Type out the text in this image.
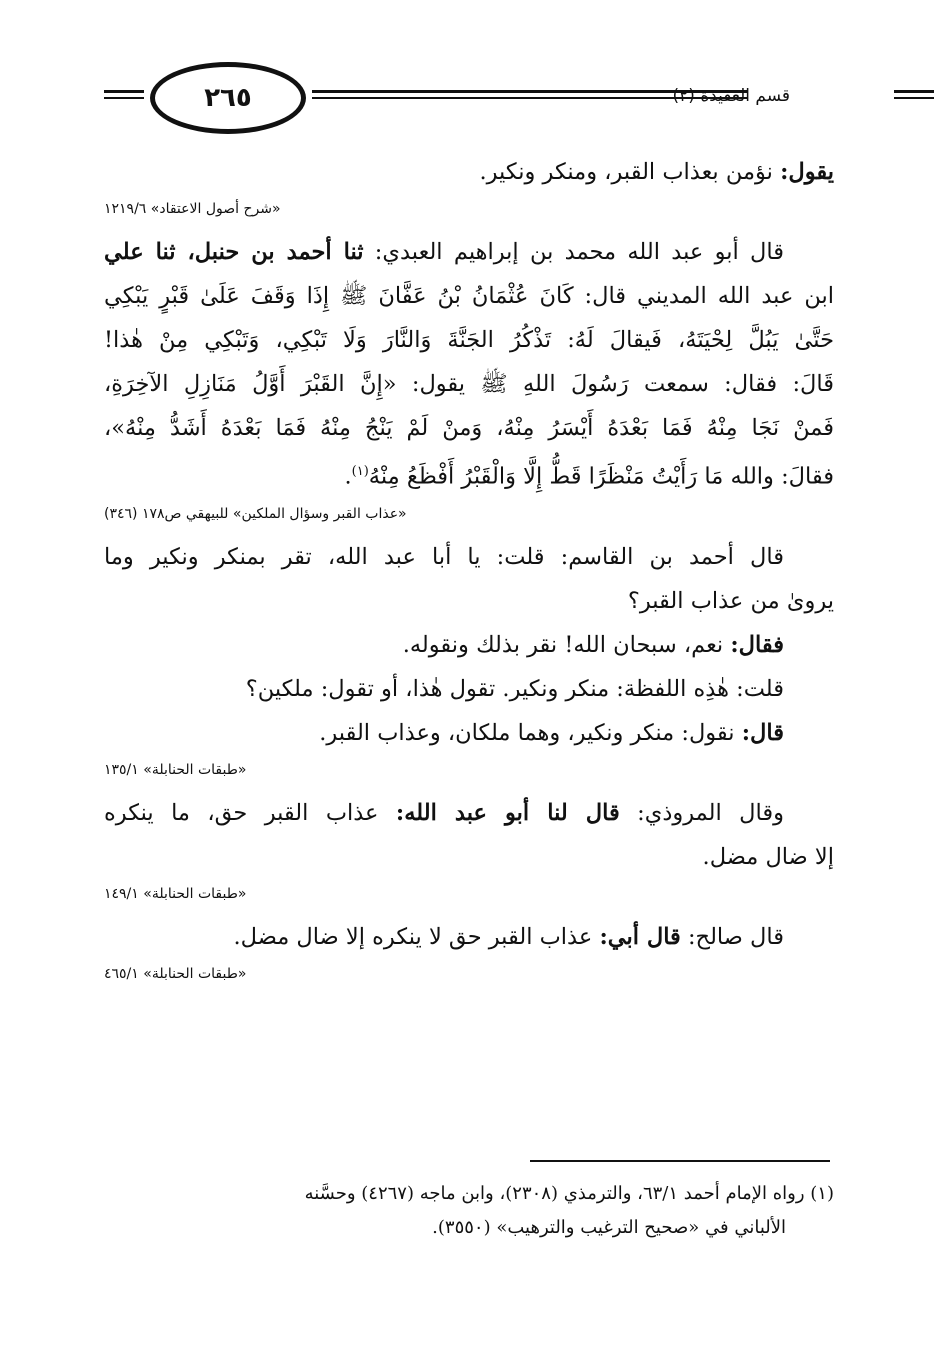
٢٦٥	قسم العقيدة (٢)

يقول: نؤمن بعذاب القبر، ومنكر ونكير.

«شرح أصول الاعتقاد» ١٢١٩/٦

قال أبو عبد الله محمد بن إبراهيم العبدي: ثنا أحمد بن حنبل، ثنا علي

ابن عبد الله المديني قال: كَانَ عُثْمَانُ بْنُ عَفَّانَ ﷺ إِذَا وَقَفَ عَلَىٰ قَبْرٍ يَبْكِي

حَتَّىٰ يَبُلَّ لِحْيَتَهُ، فَيقالَ لَهُ: تَذْكُرُ الجَنَّةَ وَالنَّارَ وَلَا تَبْكِي، وَتَبْكِي مِنْ هٰذا!

قَالَ: فقال: سمعت رَسُولَ اللهِ ﷺ يقول: «إِنَّ القَبْرَ أَوَّلُ مَنَازِلِ الآخِرَةِ،

فَمنْ نَجَا مِنْهُ فَمَا بَعْدَهُ أَيْسَرُ مِنْهُ، وَمنْ لَمْ يَنْجُ مِنْهُ فَمَا بَعْدَهُ أَشَدُّ مِنْهُ»،

فقالَ: والله مَا رَأَيْتُ مَنْظَرًا قَطُّ إِلَّا وَالْقَبْرُ أَفْظَعُ مِنْهُ$^{(١)}$.

«عذاب القبر وسؤال الملكين» للبيهقي ص١٧٨ (٣٤٦)

قال أحمد بن القاسم: قلت: يا أبا عبد الله، تقر بمنكر ونكير وما

يروىٰ من عذاب القبر؟

فقال: نعم، سبحان الله! نقر بذلك ونقوله.

قلت: هٰذِه اللفظة: منكر ونكير. تقول هٰذا، أو تقول: ملكين؟

قال: نقول: منكر ونكير، وهما ملكان، وعذاب القبر.

«طبقات الحنابلة» ١٣٥/١

وقال المروذي: قال لنا أبو عبد الله: عذاب القبر حق، ما ينكره

إلا ضال مضل.

«طبقات الحنابلة» ١٤٩/١

قال صالح: قال أبي: عذاب القبر حق لا ينكره إلا ضال مضل.

«طبقات الحنابلة» ٤٦٥/١
(١) رواه الإمام أحمد ٦٣/١، والترمذي (٢٣٠٨)، وابن ماجه (٤٢٦٧) وحسَّنه
الألباني في «صحيح الترغيب والترهيب» (٣٥٥٠).
